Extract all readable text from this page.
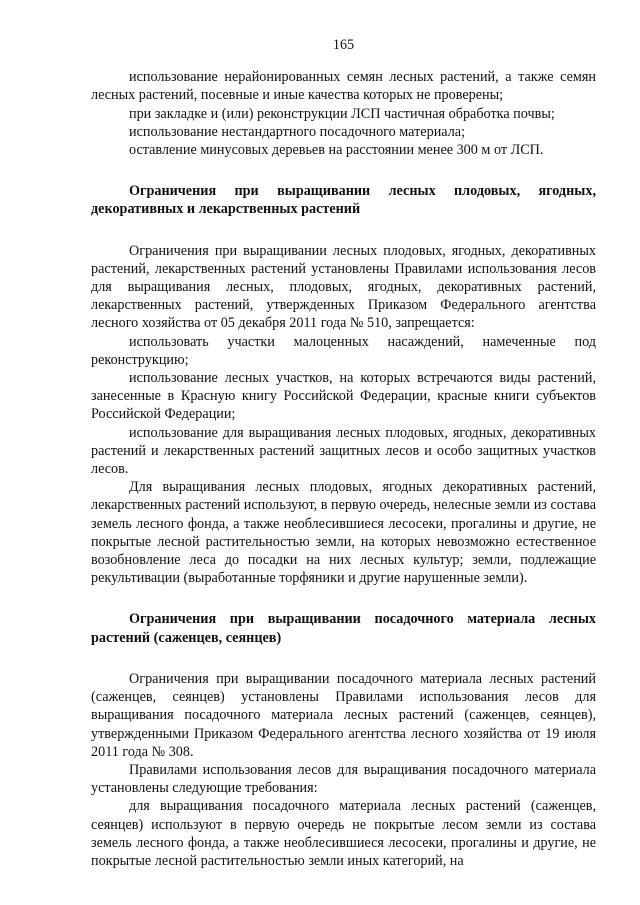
165

использование нерайонированных семян лесных растений, а также семян лесных растений, посевные и иные качества которых не проверены;

при закладке и (или) реконструкции ЛСП частичная обработка почвы;

использование нестандартного посадочного материала;

оставление минусовых деревьев на расстоянии менее 300 м от ЛСП.

Ограничения при выращивании лесных плодовых, ягодных, декоративных и лекарственных растений

Ограничения при выращивании лесных плодовых, ягодных, декоративных растений, лекарственных растений установлены Правилами использования лесов для выращивания лесных, плодовых, ягодных, декоративных растений, лекарственных растений, утвержденных Приказом Федерального агентства лесного хозяйства от 05 декабря 2011 года № 510, запрещается:

использовать участки малоценных насаждений, намеченные под реконструкцию;

использование лесных участков, на которых встречаются виды растений, занесенные в Красную книгу Российской Федерации, красные книги субъектов Российской Федерации;

использование для выращивания лесных плодовых, ягодных, декоративных растений и лекарственных растений защитных лесов и особо защитных участков лесов.

Для выращивания лесных плодовых, ягодных декоративных растений, лекарственных растений используют, в первую очередь, нелесные земли из состава земель лесного фонда, а также необлесившиеся лесосеки, прогалины и другие, не покрытые лесной растительностью земли, на которых невозможно естественное возобновление леса до посадки на них лесных культур; земли, подлежащие рекультивации (выработанные торфяники и другие нарушенные земли).

Ограничения при выращивании посадочного материала лесных растений (саженцев, сеянцев)

Ограничения при выращивании посадочного материала лесных растений (саженцев, сеянцев) установлены Правилами использования лесов для выращивания посадочного материала лесных растений (саженцев, сеянцев), утвержденными Приказом Федерального агентства лесного хозяйства от 19 июля 2011 года № 308.

Правилами использования лесов для выращивания посадочного материала установлены следующие требования:

для выращивания посадочного материала лесных растений (саженцев, сеянцев) используют в первую очередь не покрытые лесом земли из состава земель лесного фонда, а также необлесившиеся лесосеки, прогалины и другие, не покрытые лесной растительностью земли иных категорий, на
